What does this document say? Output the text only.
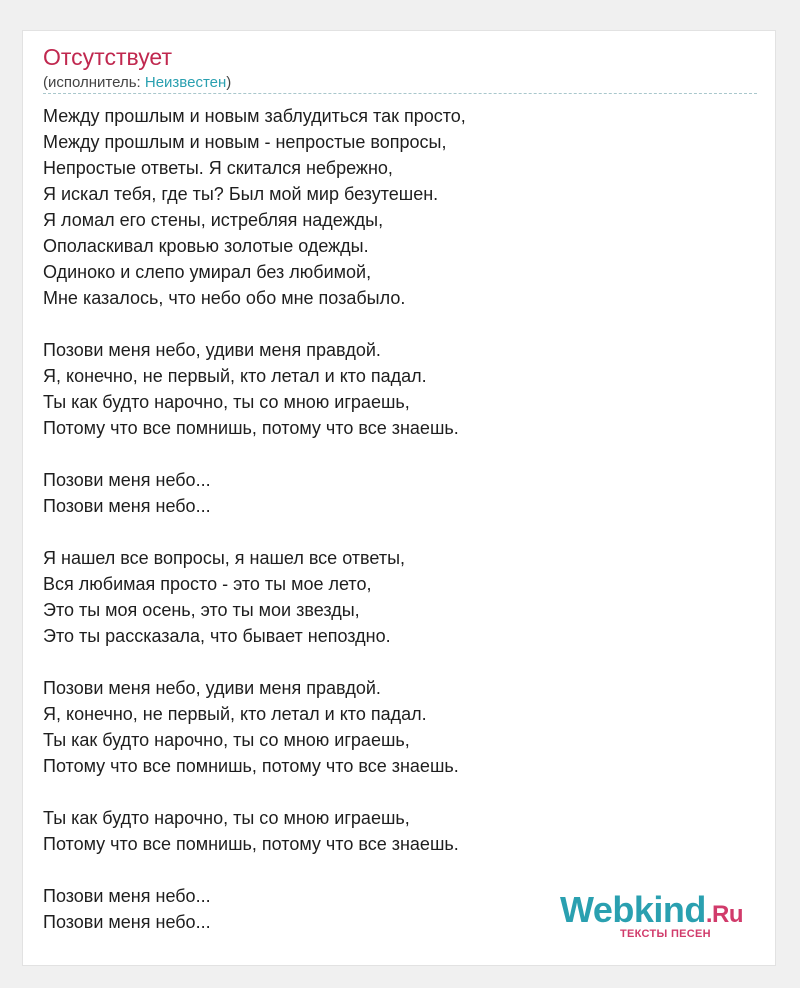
Отсутствует
(исполнитель: Неизвестен)
Между прошлым и новым заблудиться так просто,
Между прошлым и новым - непростые вопросы,
Непростые ответы. Я скитался небрежно,
Я искал тебя, где ты? Был мой мир безутешен.
Я ломал его стены, истребляя надежды,
Ополаскивал кровью золотые одежды.
Одиноко и слепо умирал без любимой,
Мне казалось, что небо обо мне позабыло.
Позови меня небо, удиви меня правдой.
Я, конечно, не первый, кто летал и кто падал.
Ты как будто нарочно, ты со мною играешь,
Потому что все помнишь, потому что все знаешь.
Позови меня небо...
Позови меня небо...
Я нашел все вопросы, я нашел все ответы,
Вся любимая просто - это ты мое лето,
Это ты моя осень, это ты мои звезды,
Это ты рассказала, что бывает непоздно.
Позови меня небо, удиви меня правдой.
Я, конечно, не первый, кто летал и кто падал.
Ты как будто нарочно, ты со мною играешь,
Потому что все помнишь, потому что все знаешь.
Ты как будто нарочно, ты со мною играешь,
Потому что все помнишь, потому что все знаешь.
Позови меня небо...
Позови меня небо...	Webkind.Ru
ТЕКСТЫ ПЕСЕН
